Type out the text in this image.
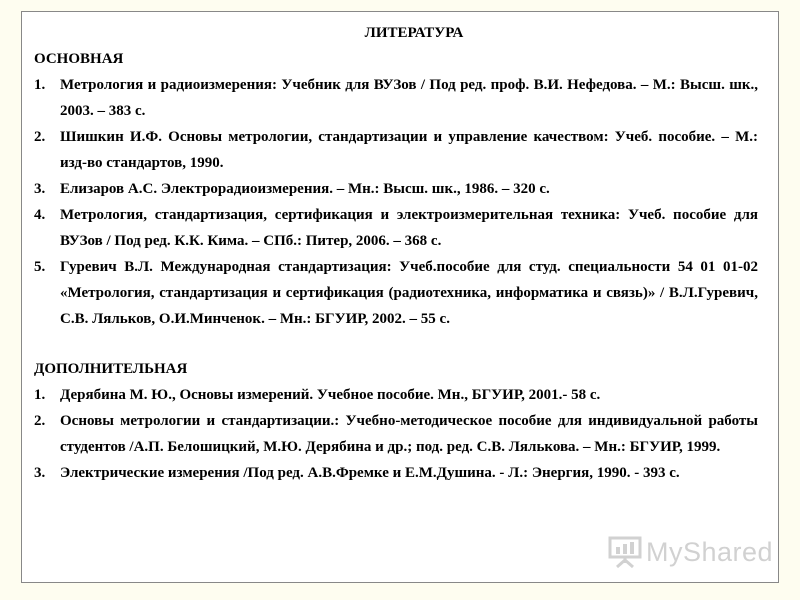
ЛИТЕРАТУРА
ОСНОВНАЯ
1. Метрология и радиоизмерения: Учебник для ВУЗов / Под ред. проф. В.И. Нефедова. – М.: Высш. шк., 2003. – 383 с.
2. Шишкин И.Ф. Основы метрологии, стандартизации и управление качеством: Учеб. пособие. – М.: изд-во стандартов, 1990.
3. Елизаров А.С. Электрорадиоизмерения. – Мн.: Высш. шк., 1986. – 320 с.
4. Метрология, стандартизация, сертификация и электроизмерительная техника: Учеб. пособие для ВУЗов / Под ред. К.К. Кима. – СПб.: Питер, 2006. – 368 с.
5. Гуревич В.Л. Международная стандартизация: Учеб.пособие для студ. специальности 54 01 01-02 «Метрология, стандартизация и сертификация (радиотехника, информатика и связь)» / В.Л.Гуревич, С.В. Ляльков, О.И.Минченок. – Мн.: БГУИР, 2002. – 55 с.
ДОПОЛНИТЕЛЬНАЯ
1. Дерябина М. Ю., Основы измерений. Учебное пособие. Мн., БГУИР, 2001.- 58 с.
2. Основы метрологии и стандартизации.: Учебно-методическое пособие для индивидуальной работы студентов /А.П. Белошицкий, М.Ю. Дерябина и др.; под. ред. С.В. Лялькова. – Мн.: БГУИР, 1999.
3. Электрические измерения /Под ред. А.В.Фремке и Е.М.Душина. - Л.: Энергия, 1990. - 393 с.
MyShared
